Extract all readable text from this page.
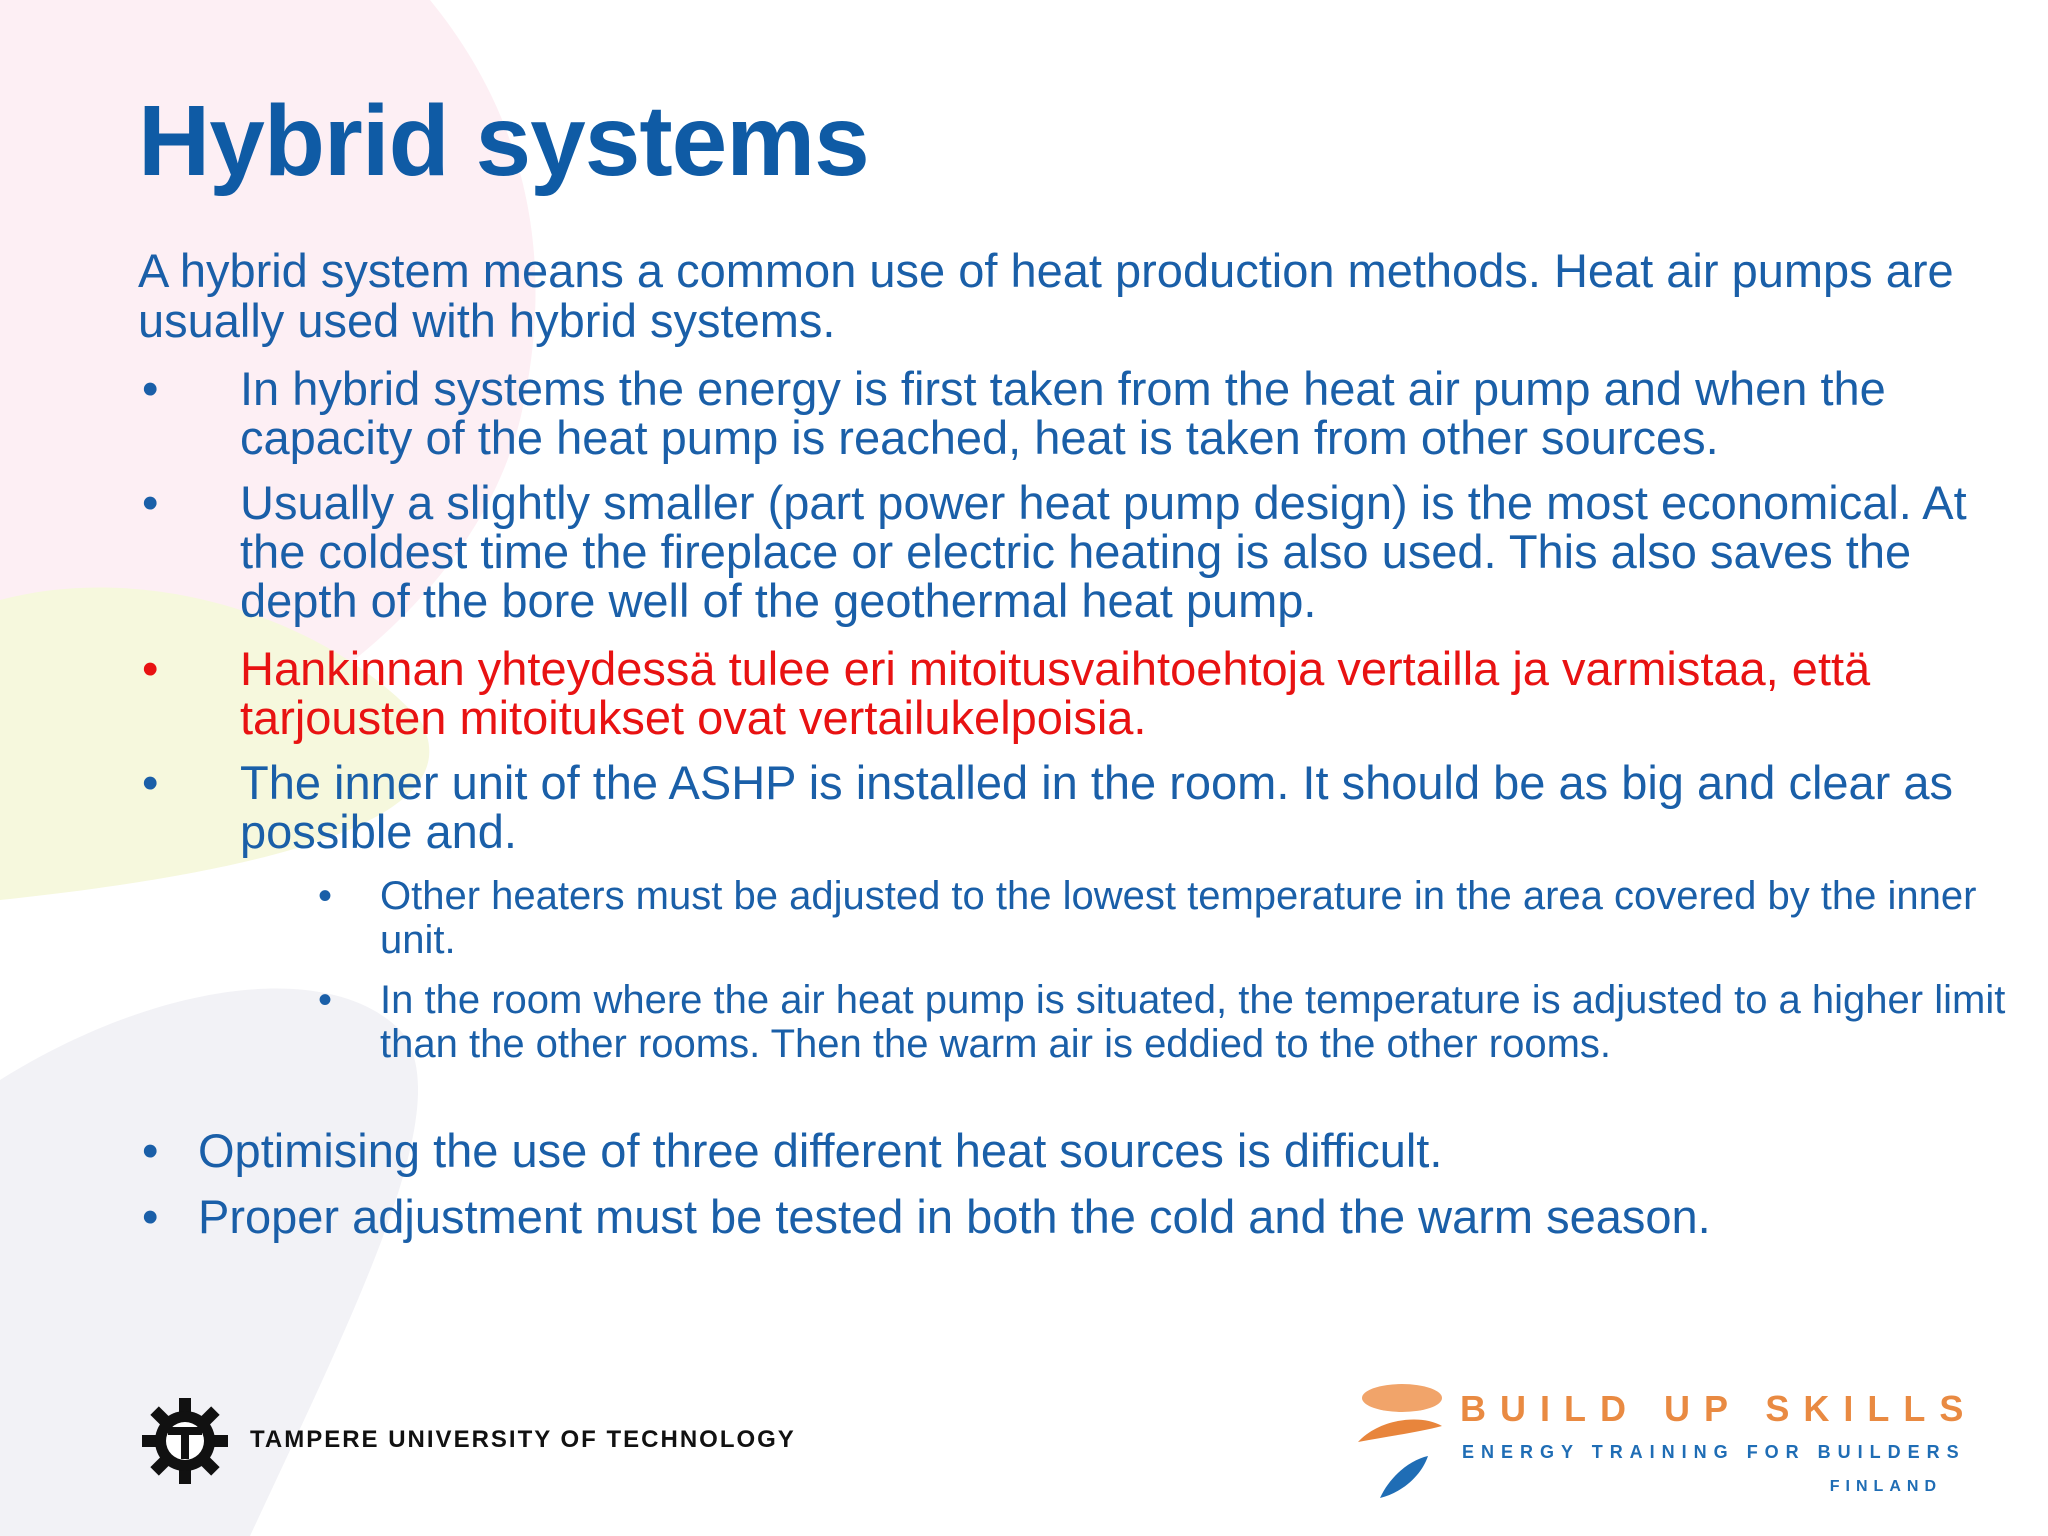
Hybrid systems
A hybrid system means a common use of heat production methods. Heat air pumps are usually used with hybrid systems.
• In hybrid systems the energy is first taken from the heat air pump and when the capacity of the heat pump is reached, heat is taken from other sources.
• Usually a slightly smaller (part power heat pump design) is the most economical. At the coldest time the fireplace or electric heating is also used. This also saves the depth of the bore well of the geothermal heat pump.
• Hankinnan yhteydessä tulee eri mitoitusvaihtoehtoja vertailla ja varmistaa, että tarjousten mitoitukset ovat vertailukelpoisia.
• The inner unit of the ASHP is installed in the room. It should be as big and clear as possible and.
• Other heaters must be adjusted to the lowest temperature in the area covered by the inner unit.
• In the room where the air heat pump is situated, the temperature is adjusted to a higher limit than the other rooms. Then the warm air is eddied to the other rooms.
• Optimising the use of three different heat sources is difficult.
• Proper adjustment must be tested in both the cold and the warm season.
TAMPERE UNIVERSITY OF TECHNOLOGY
BUILD UP SKILLS
ENERGY TRAINING FOR BUILDERS
FINLAND
